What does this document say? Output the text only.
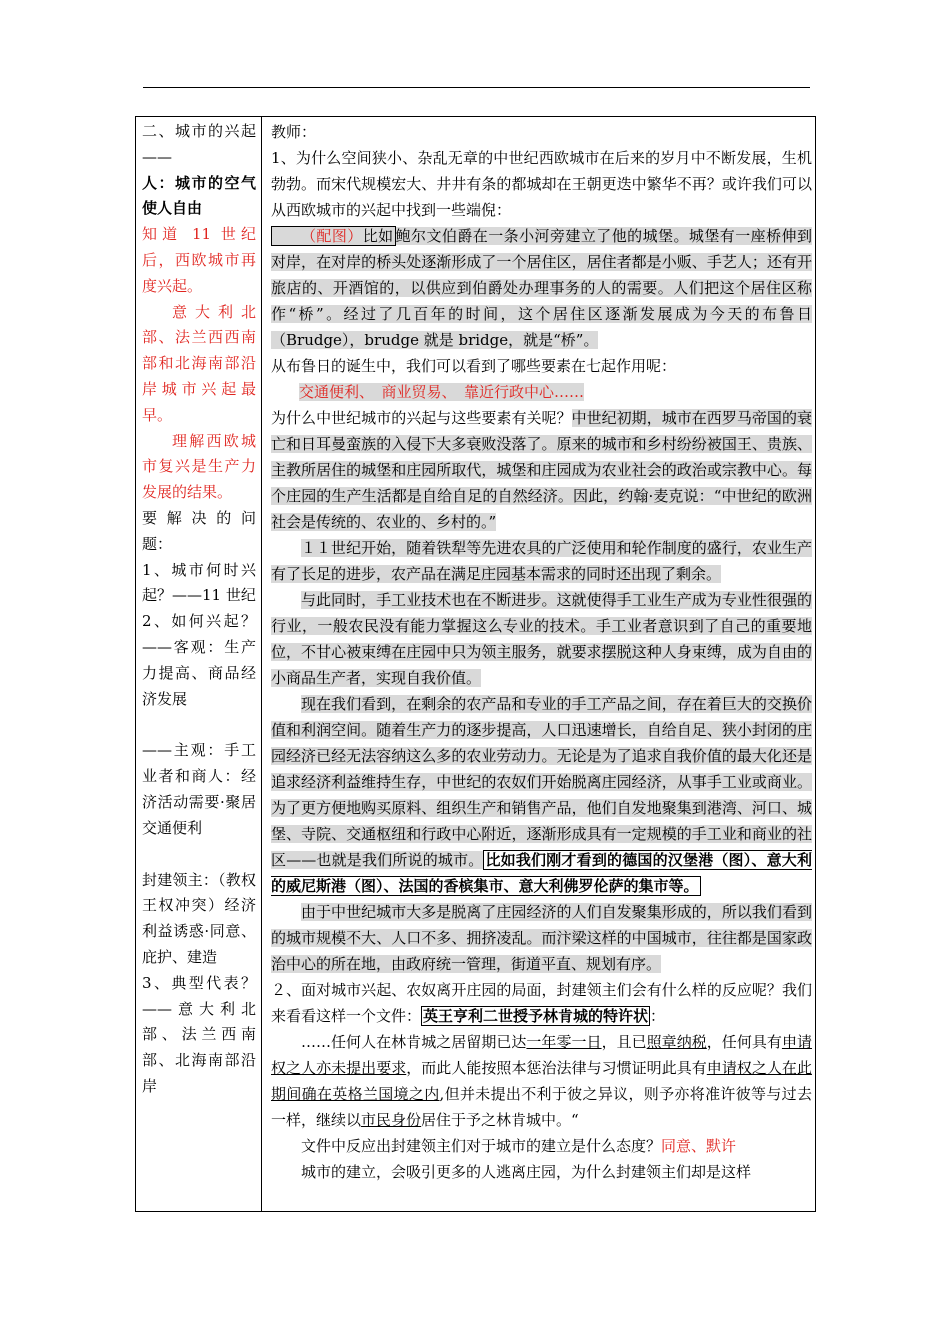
二、城市的兴起——

人：城市的空气使人自由

知道 11 世纪后，西欧城市再度兴起。

意大利北部、法兰西西南部和北海南部沿岸城市兴起最早。

理解西欧城市复兴是生产力发展的结果。

要 解 决 的 问题：

1、城市何时兴起？——11 世纪

2、如何兴起？——客观：生产力提高、商品经济发展

——主观：手工业者和商人：经济活动需要·聚居交通便利

封建领主：（教权王权冲突）经济利益诱惑·同意、庇护、建造

3、典型代表？——意大利北部、法兰西南部、北海南部沿岸

教师：

1、为什么空间狭小、杂乱无章的中世纪西欧城市在后来的岁月中不断发展，生机勃勃。而宋代规模宏大、井井有条的都城却在王朝更迭中繁华不再？或许我们可以从西欧城市的兴起中找到一些端倪：

（配图）比如 鲍尔文伯爵在一条小河旁建立了他的城堡。城堡有一座桥伸到对岸，在对岸的桥头处逐渐形成了一个居住区，居住者都是小贩、手艺人；还有开旅店的、开酒馆的，以供应到伯爵处办理事务的人的需要。人们把这个居住区称作“桥”。经过了几百年的时间，这个居住区逐渐发展成为今天的布鲁日（Brudge），brudge 就是 bridge，就是“桥”。

从布鲁日的诞生中，我们可以看到了哪些要素在七起作用呢：

交通便利、　商业贸易、　靠近行政中心……

为什么中世纪城市的兴起与这些要素有关呢？中世纪初期，城市在西罗马帝国的衰亡和日耳曼蛮族的入侵下大多衰败没落了。原来的城市和乡村纷纷被国王、贵族、主教所居住的城堡和庄园所取代，城堡和庄园成为农业社会的政治或宗教中心。每个庄园的生产生活都是自给自足的自然经济。因此，约翰·麦克说：“中世纪的欧洲社会是传统的、农业的、乡村的。”

１１世纪开始，随着铁犁等先进农具的广泛使用和轮作制度的盛行，农业生产有了长足的进步，农产品在满足庄园基本需求的同时还出现了剩余。

与此同时，手工业技术也在不断进步。这就使得手工业生产成为专业性很强的行业，一般农民没有能力掌握这么专业的技术。手工业者意识到了自己的重要地位，不甘心被束缚在庄园中只为领主服务，就要求摆脱这种人身束缚，成为自由的小商品生产者，实现自我价值。

现在我们看到，在剩余的农产品和专业的手工产品之间，存在着巨大的交换价值和利润空间。随着生产力的逐步提高，人口迅速增长，自给自足、狭小封闭的庄园经济已经无法容纳这么多的农业劳动力。无论是为了追求自我价值的最大化还是追求经济利益维持生存，中世纪的农奴们开始脱离庄园经济，从事手工业或商业。为了更方便地购买原料、组织生产和销售产品，他们自发地聚集到港湾、河口、城堡、寺院、交通枢纽和行政中心附近，逐渐形成具有一定规模的手工业和商业的社区——也就是我们所说的城市。 比如我们刚才看到的德国的汉堡港（图）、意大利的威尼斯港（图）、法国的香槟集市、意大利佛罗伦萨的集市等。

由于中世纪城市大多是脱离了庄园经济的人们自发聚集形成的，所以我们看到的城市规模不大、人口不多、拥挤凌乱。而汴梁这样的中国城市，往往都是国家政治中心的所在地，由政府统一管理，街道平直、规划有序。

２、面对城市兴起、农奴离开庄园的局面，封建领主们会有什么样的反应呢？我们来看看这样一个文件： 英王亨利二世授予林肯城的特许状 ：

……任何人在林肯城之居留期已达一年零一日，且已照章纳税，任何具有申请权之人亦未提出要求，而此人能按照本惩治法律与习惯证明此具有申请权之人在此期间确在英格兰国境之内,但并未提出不利于彼之异议，则予亦将准许彼等与过去一样，继续以市民身份居住于予之林肯城中。“

文件中反应出封建领主们对于城市的建立是什么态度？同意、默许

城市的建立，会吸引更多的人逃离庄园，为什么封建领主们却是这样
